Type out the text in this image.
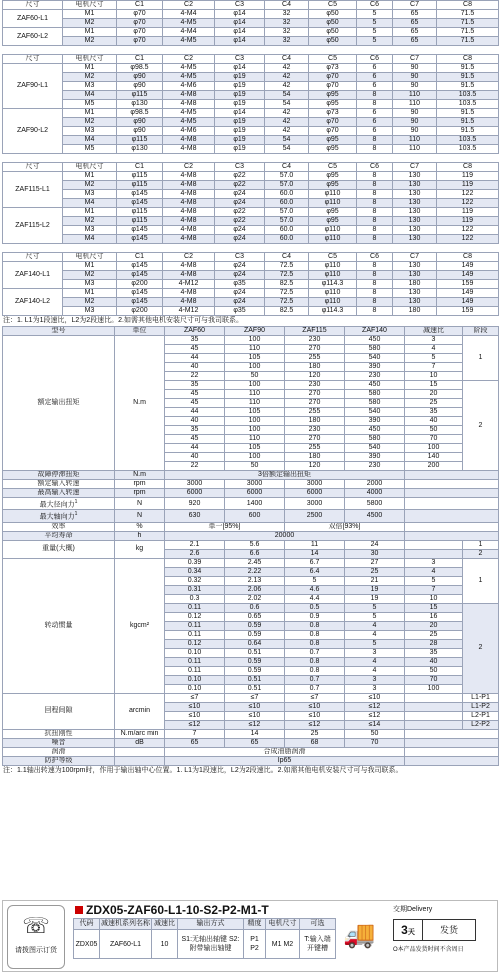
尺寸	电机尺寸	C1	C2	C3	C4	C5	C6	C7	C8
ZAF60-L1	M1	φ70	4-M4	φ14	32	φ50	5	65	71.5
	M2	φ70	4-M5	φ14	32	φ50	5	65	71.5
ZAF60-L2	M1	φ70	4-M4	φ14	32	φ50	5	65	71.5
	M2	φ70	4-M5	φ14	32	φ50	5	65	71.5
尺寸	电机尺寸	C1	C2	C3	C4	C5	C6	C7	C8
ZAF90-L1	M1	φ98.5	4-M5	φ14	42	φ73	6	90	91.5
	M2	φ90	4-M5	φ19	42	φ70	6	90	91.5
	M3	φ90	4-M6	φ19	42	φ70	6	90	91.5
	M4	φ115	4-M8	φ19	54	φ95	8	110	103.5
	M5	φ130	4-M8	φ19	54	φ95	8	110	103.5
ZAF90-L2	M1	φ98.5	4-M5	φ14	42	φ73	6	90	91.5
	M2	φ90	4-M5	φ19	42	φ70	6	90	91.5
	M3	φ90	4-M6	φ19	42	φ70	6	90	91.5
	M4	φ115	4-M8	φ19	54	φ95	8	110	103.5
	M5	φ130	4-M8	φ19	54	φ95	8	110	103.5
尺寸	电机尺寸	C1	C2	C3	C4	C5	C6	C7	C8
ZAF115-L1	M1	φ115	4-M8	φ22	57.0	φ95	8	130	119
	M2	φ115	4-M8	φ22	57.0	φ95	8	130	119
	M3	φ145	4-M8	φ24	60.0	φ110	8	130	122
	M4	φ145	4-M8	φ24	60.0	φ110	8	130	122
ZAF115-L2	M1	φ115	4-M8	φ22	57.0	φ95	8	130	119
	M2	φ115	4-M8	φ22	57.0	φ95	8	130	119
	M3	φ145	4-M8	φ24	60.0	φ110	8	130	122
	M4	φ145	4-M8	φ24	60.0	φ110	8	130	122
尺寸	电机尺寸	C1	C2	C3	C4	C5	C6	C7	C8
ZAF140-L1	M1	φ145	4-M8	φ24	72.5	φ110	8	130	149
	M2	φ145	4-M8	φ24	72.5	φ110	8	130	149
	M3	φ200	4-M12	φ35	82.5	φ114.3	8	180	159
ZAF140-L2	M1	φ145	4-M8	φ24	72.5	φ110	8	130	149
	M2	φ145	4-M8	φ24	72.5	φ110	8	130	149
	M3	φ200	4-M12	φ35	82.5	φ114.3	8	180	159
注：1. L1为1段速比，L2为2段速比。2.如需其他电机安装尺寸可与我司联系。
型号	单位	ZAF60	ZAF90	ZAF115	ZAF140	减速比	阶段
额定输出扭矩	N.m	35	100	230	450	3	1
		45	110	270	580	4	
		44	105	255	540	5	
		40	100	180	390	7	
		22	50	120	230	10	
		35	100	230	450	15	2
		45	110	270	580	20	
		45	110	270	580	25	
		44	105	255	540	35	
		40	100	180	390	40	
		35	100	230	450	50	
		45	110	270	580	70	
		44	105	255	540	100	
		40	100	180	390	140	
		22	50	120	230	200	
故障停滞扭矩	N.m	3倍额定输出扭矩					
额定输入转速	rpm	3000	3000	3000	2000		
最高输入转速	rpm	6000	6000	6000	4000		
最大径向力$^1$	N	920	1400	3000	5800		
最大轴向力$^1$	N	630	600	2500	4500		
效率	%	单一[95%]		双倍[93%]			
平均寿命	h	20000					
重量(大概)	kg	2.1	5.6	11	24		1
		2.6	6.6	14	30		2
转动惯量	kgcm²	0.39	2.45	6.7	27	3	1
		0.34	2.22	6.4	25	4	
		0.32	2.13	5	21	5	
		0.31	2.06	4.6	19	7	
		0.3	2.02	4.4	19	10	
		0.11	0.6	0.5	5	15	2
		0.12	0.65	0.9	5	16	
		0.11	0.59	0.8	4	20	
		0.11	0.59	0.8	4	25	
		0.12	0.64	0.8	5	28	
		0.10	0.51	0.7	3	35	
		0.11	0.59	0.8	4	40	
		0.11	0.59	0.8	4	50	
		0.10	0.51	0.7	3	70	
		0.10	0.51	0.7	3	100	
回程间隙	arcmin	≤7	≤7	≤7	≤10		L1-P1
		≤10	≤10	≤10	≤12		L1-P2
		≤10	≤10	≤10	≤12		L2-P1
		≤12	≤12	≤12	≤14		L2-P2
抗扭刚性	N.m/arc min	7	14	25	50		
噪音	dB	65	65	68	70		
润滑		合成油脂润滑					
防护等级		Ip65					
注：1.1轴出转速为100rpm时，作用于输出轴中心位置。1. L1为1段速比，L2为2段速比。2.如需其他电机安装尺寸可与我司联系。
☏
请拨图示订货
ZDX05-ZAF60-L1-10-S2-P2-M1-T
代码	减速机系列名称	减速比	输出方式	精度	电机尺寸	可选
ZDX05	ZAF60-L1	10	S1:无轴出轴键 S2:附带输出轴键	P1 P2	M1 M2	T:输入端开键槽 🚚
交期Delivery
3天	发货
O本产品发货时间不含周日
